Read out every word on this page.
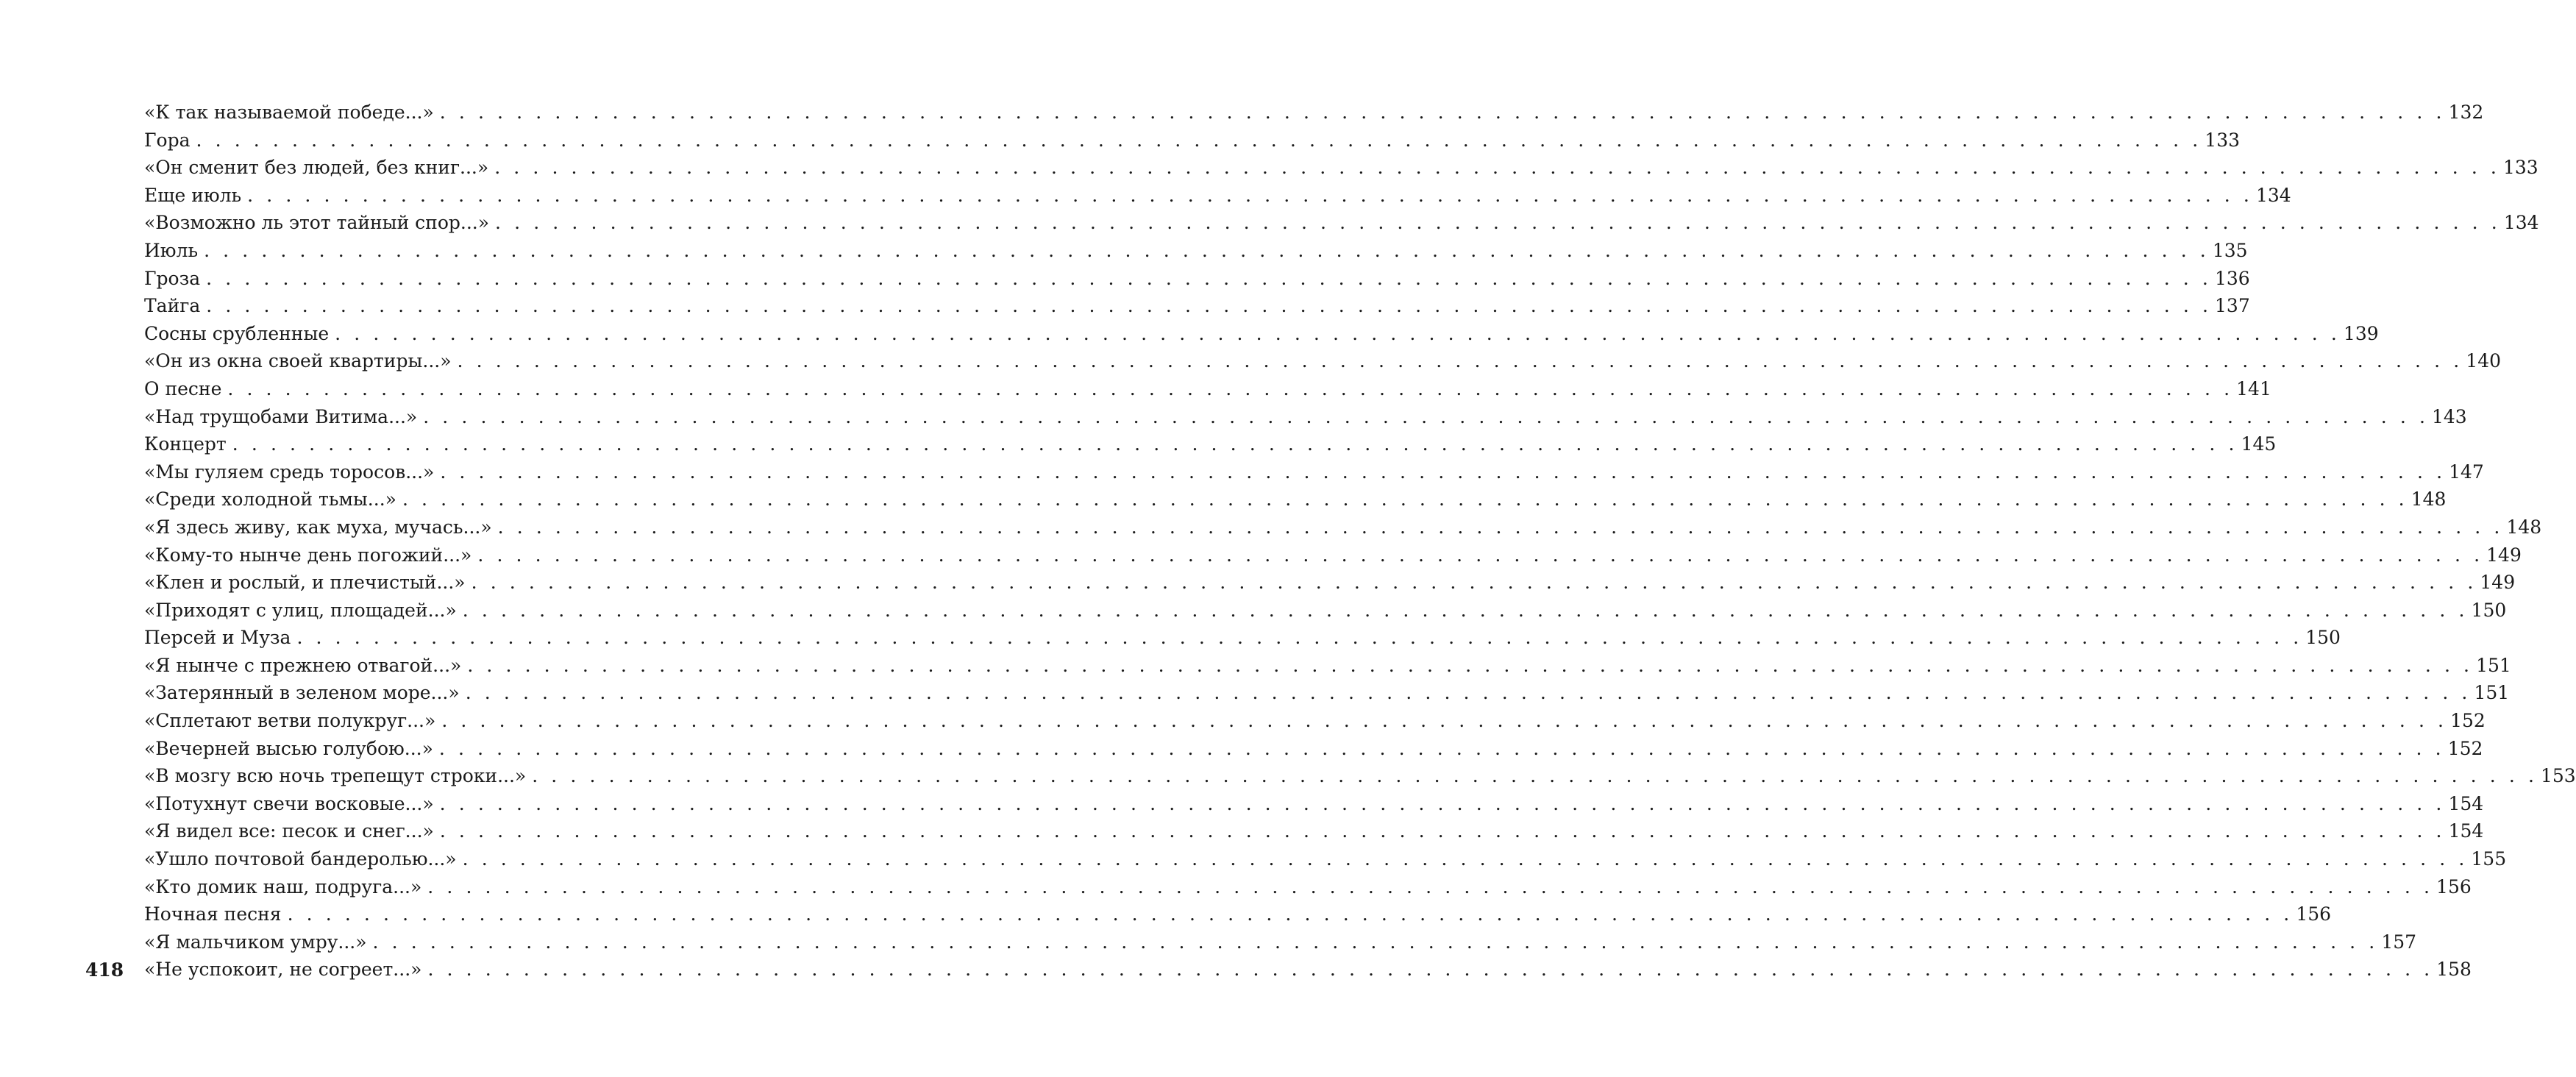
«К так называемой победе...» . . . . . . . . . . . . . . . . . . . . . . . . . . . . . . . . . . . . . . . . . . . . . . . . . . . . . . . . . . . . . . . . . . . . . . . . . . . . . . . . . . . . . . . . . . . . . . . . . . . . . . . . . 132
Гора . . . . . . . . . . . . . . . . . . . . . . . . . . . . . . . . . . . . . . . . . . . . . . . . . . . . . . . . . . . . . . . . . . . . . . . . . . . . . . . . . . . . . . . . . . . . . . . . . . . . . . . . . 133
«Он сменит без людей, без книг...» . . . . . . . . . . . . . . . . . . . . . . . . . . . . . . . . . . . . . . . . . . . . . . . . . . . . . . . . . . . . . . . . . . . . . . . . . . . . . . . . . . . . . . . . . . . . . . . . . . . . . . . . . 133
Еще июль . . . . . . . . . . . . . . . . . . . . . . . . . . . . . . . . . . . . . . . . . . . . . . . . . . . . . . . . . . . . . . . . . . . . . . . . . . . . . . . . . . . . . . . . . . . . . . . . . . . . . . . . . 134
«Возможно ль этот тайный спор...» . . . . . . . . . . . . . . . . . . . . . . . . . . . . . . . . . . . . . . . . . . . . . . . . . . . . . . . . . . . . . . . . . . . . . . . . . . . . . . . . . . . . . . . . . . . . . . . . . . . . . . . . . 134
Июль . . . . . . . . . . . . . . . . . . . . . . . . . . . . . . . . . . . . . . . . . . . . . . . . . . . . . . . . . . . . . . . . . . . . . . . . . . . . . . . . . . . . . . . . . . . . . . . . . . . . . . . . . 135
Гроза . . . . . . . . . . . . . . . . . . . . . . . . . . . . . . . . . . . . . . . . . . . . . . . . . . . . . . . . . . . . . . . . . . . . . . . . . . . . . . . . . . . . . . . . . . . . . . . . . . . . . . . . . 136
Тайга . . . . . . . . . . . . . . . . . . . . . . . . . . . . . . . . . . . . . . . . . . . . . . . . . . . . . . . . . . . . . . . . . . . . . . . . . . . . . . . . . . . . . . . . . . . . . . . . . . . . . . . . . 137
Сосны срубленные . . . . . . . . . . . . . . . . . . . . . . . . . . . . . . . . . . . . . . . . . . . . . . . . . . . . . . . . . . . . . . . . . . . . . . . . . . . . . . . . . . . . . . . . . . . . . . . . . . . . . . . . . 139
«Он из окна своей квартиры...» . . . . . . . . . . . . . . . . . . . . . . . . . . . . . . . . . . . . . . . . . . . . . . . . . . . . . . . . . . . . . . . . . . . . . . . . . . . . . . . . . . . . . . . . . . . . . . . . . . . . . . . . . 140
О песне . . . . . . . . . . . . . . . . . . . . . . . . . . . . . . . . . . . . . . . . . . . . . . . . . . . . . . . . . . . . . . . . . . . . . . . . . . . . . . . . . . . . . . . . . . . . . . . . . . . . . . . . . 141
«Над трущобами Витима...» . . . . . . . . . . . . . . . . . . . . . . . . . . . . . . . . . . . . . . . . . . . . . . . . . . . . . . . . . . . . . . . . . . . . . . . . . . . . . . . . . . . . . . . . . . . . . . . . . . . . . . . . . 143
Концерт . . . . . . . . . . . . . . . . . . . . . . . . . . . . . . . . . . . . . . . . . . . . . . . . . . . . . . . . . . . . . . . . . . . . . . . . . . . . . . . . . . . . . . . . . . . . . . . . . . . . . . . . . 145
«Мы гуляем средь торосов...» . . . . . . . . . . . . . . . . . . . . . . . . . . . . . . . . . . . . . . . . . . . . . . . . . . . . . . . . . . . . . . . . . . . . . . . . . . . . . . . . . . . . . . . . . . . . . . . . . . . . . . . . . 147
«Среди холодной тьмы...» . . . . . . . . . . . . . . . . . . . . . . . . . . . . . . . . . . . . . . . . . . . . . . . . . . . . . . . . . . . . . . . . . . . . . . . . . . . . . . . . . . . . . . . . . . . . . . . . . . . . . . . . . 148
«Я здесь живу, как муха, мучась...» . . . . . . . . . . . . . . . . . . . . . . . . . . . . . . . . . . . . . . . . . . . . . . . . . . . . . . . . . . . . . . . . . . . . . . . . . . . . . . . . . . . . . . . . . . . . . . . . . . . . . . . . . 148
«Кому-то нынче день погожий...» . . . . . . . . . . . . . . . . . . . . . . . . . . . . . . . . . . . . . . . . . . . . . . . . . . . . . . . . . . . . . . . . . . . . . . . . . . . . . . . . . . . . . . . . . . . . . . . . . . . . . . . . . 149
«Клен и рослый, и плечистый...» . . . . . . . . . . . . . . . . . . . . . . . . . . . . . . . . . . . . . . . . . . . . . . . . . . . . . . . . . . . . . . . . . . . . . . . . . . . . . . . . . . . . . . . . . . . . . . . . . . . . . . . . . 149
«Приходят с улиц, площадей...» . . . . . . . . . . . . . . . . . . . . . . . . . . . . . . . . . . . . . . . . . . . . . . . . . . . . . . . . . . . . . . . . . . . . . . . . . . . . . . . . . . . . . . . . . . . . . . . . . . . . . . . . . 150
Персей и Муза . . . . . . . . . . . . . . . . . . . . . . . . . . . . . . . . . . . . . . . . . . . . . . . . . . . . . . . . . . . . . . . . . . . . . . . . . . . . . . . . . . . . . . . . . . . . . . . . . . . . . . . . . 150
«Я нынче с прежнею отвагой...» . . . . . . . . . . . . . . . . . . . . . . . . . . . . . . . . . . . . . . . . . . . . . . . . . . . . . . . . . . . . . . . . . . . . . . . . . . . . . . . . . . . . . . . . . . . . . . . . . . . . . . . . . 151
«Затерянный в зеленом море...» . . . . . . . . . . . . . . . . . . . . . . . . . . . . . . . . . . . . . . . . . . . . . . . . . . . . . . . . . . . . . . . . . . . . . . . . . . . . . . . . . . . . . . . . . . . . . . . . . . . . . . . . . 151
«Сплетают ветви полукруг...» . . . . . . . . . . . . . . . . . . . . . . . . . . . . . . . . . . . . . . . . . . . . . . . . . . . . . . . . . . . . . . . . . . . . . . . . . . . . . . . . . . . . . . . . . . . . . . . . . . . . . . . . . 152
«Вечерней высью голубою...» . . . . . . . . . . . . . . . . . . . . . . . . . . . . . . . . . . . . . . . . . . . . . . . . . . . . . . . . . . . . . . . . . . . . . . . . . . . . . . . . . . . . . . . . . . . . . . . . . . . . . . . . . 152
«В мозгу всю ночь трепещут строки...» . . . . . . . . . . . . . . . . . . . . . . . . . . . . . . . . . . . . . . . . . . . . . . . . . . . . . . . . . . . . . . . . . . . . . . . . . . . . . . . . . . . . . . . . . . . . . . . . . . . . . . . . . 153
«Потухнут свечи восковые...» . . . . . . . . . . . . . . . . . . . . . . . . . . . . . . . . . . . . . . . . . . . . . . . . . . . . . . . . . . . . . . . . . . . . . . . . . . . . . . . . . . . . . . . . . . . . . . . . . . . . . . . . . 154
«Я видел все: песок и снег...» . . . . . . . . . . . . . . . . . . . . . . . . . . . . . . . . . . . . . . . . . . . . . . . . . . . . . . . . . . . . . . . . . . . . . . . . . . . . . . . . . . . . . . . . . . . . . . . . . . . . . . . . . 154
«Ушло почтовой бандеролью...» . . . . . . . . . . . . . . . . . . . . . . . . . . . . . . . . . . . . . . . . . . . . . . . . . . . . . . . . . . . . . . . . . . . . . . . . . . . . . . . . . . . . . . . . . . . . . . . . . . . . . . . . . 155
«Кто домик наш, подруга...» . . . . . . . . . . . . . . . . . . . . . . . . . . . . . . . . . . . . . . . . . . . . . . . . . . . . . . . . . . . . . . . . . . . . . . . . . . . . . . . . . . . . . . . . . . . . . . . . . . . . . . . . . 156
Ночная песня . . . . . . . . . . . . . . . . . . . . . . . . . . . . . . . . . . . . . . . . . . . . . . . . . . . . . . . . . . . . . . . . . . . . . . . . . . . . . . . . . . . . . . . . . . . . . . . . . . . . . . . . . 156
«Я мальчиком умру...» . . . . . . . . . . . . . . . . . . . . . . . . . . . . . . . . . . . . . . . . . . . . . . . . . . . . . . . . . . . . . . . . . . . . . . . . . . . . . . . . . . . . . . . . . . . . . . . . . . . . . . . . . 157
«Не успокоит, не согреет...» . . . . . . . . . . . . . . . . . . . . . . . . . . . . . . . . . . . . . . . . . . . . . . . . . . . . . . . . . . . . . . . . . . . . . . . . . . . . . . . . . . . . . . . . . . . . . . . . . . . . . . . . . 158
418
